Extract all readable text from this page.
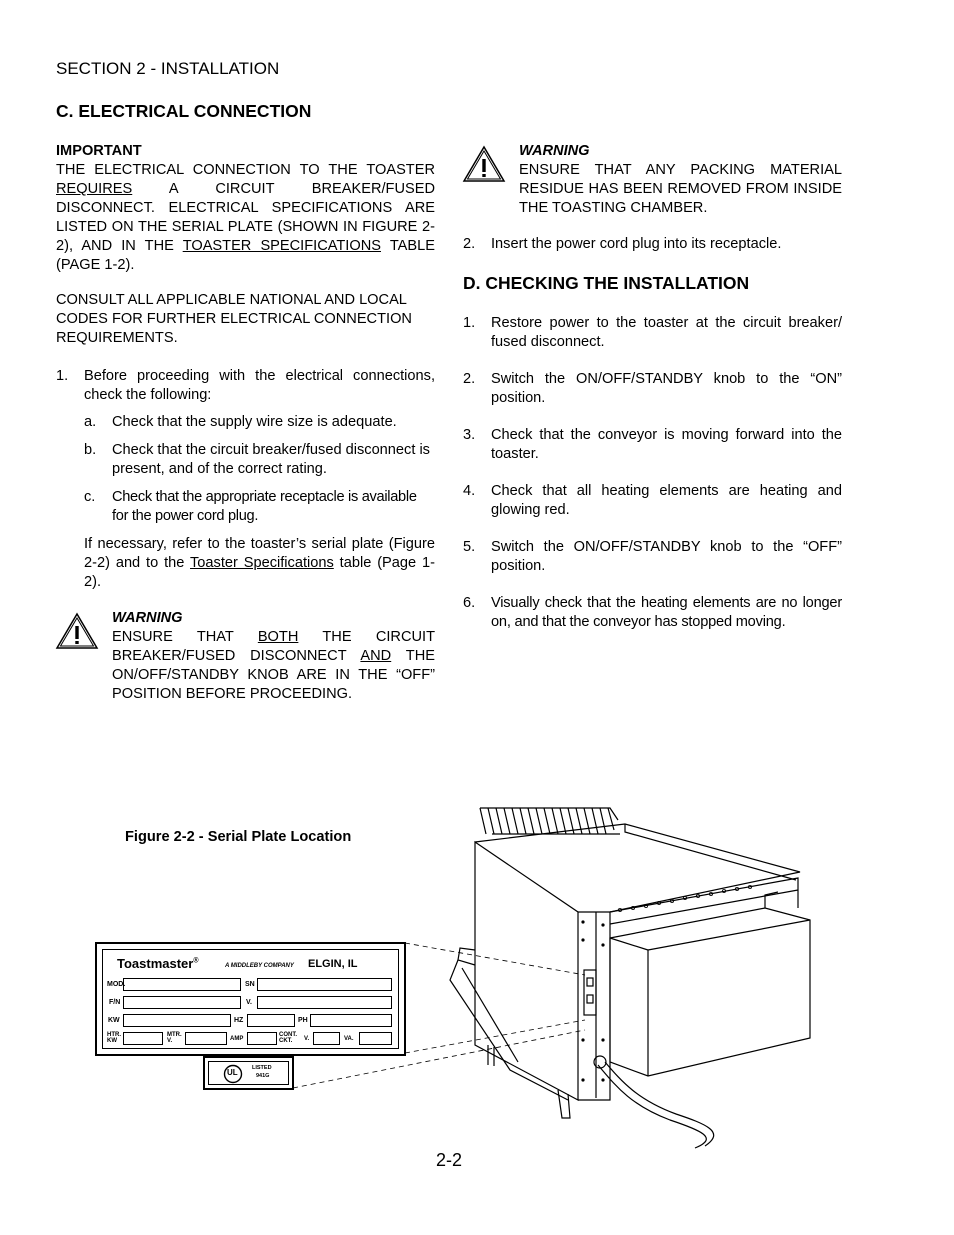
SECTION 2 - INSTALLATION
C. ELECTRICAL CONNECTION
IMPORTANT
THE ELECTRICAL CONNECTION TO THE TOASTER REQUIRES A CIRCUIT BREAKER/FUSED DISCONNECT. ELECTRICAL SPECIFICATIONS ARE LISTED ON THE SERIAL PLATE (SHOWN IN FIGURE 2-2), AND IN THE TOASTER SPECIFICATIONS TABLE (PAGE 1-2).
CONSULT ALL APPLICABLE NATIONAL AND LOCAL CODES FOR FURTHER ELECTRICAL CONNECTION REQUIREMENTS.
1. Before proceeding with the electrical connections, check the following:
a. Check that the supply wire size is adequate.
b. Check that the circuit breaker/fused disconnect is present, and of the correct rating.
c. Check that the appropriate receptacle is available for the power cord plug.
If necessary, refer to the toaster’s serial plate (Figure 2-2) and to the Toaster Specifications table (Page 1-2).
WARNING
ENSURE THAT BOTH THE CIRCUIT BREAKER/FUSED DISCONNECT AND THE ON/OFF/STANDBY KNOB ARE IN THE “OFF” POSITION BEFORE PROCEEDING.
WARNING
ENSURE THAT ANY PACKING MATERIAL RESIDUE HAS BEEN REMOVED FROM INSIDE THE TOASTING CHAMBER.
2. Insert the power cord plug into its receptacle.
D. CHECKING THE INSTALLATION
1. Restore power to the toaster at the circuit breaker/ fused disconnect.
2. Switch the ON/OFF/STANDBY knob to the “ON” position.
3. Check that the conveyor is moving forward into the toaster.
4. Check that all heating elements are heating and glowing red.
5. Switch the ON/OFF/STANDBY knob to the “OFF” position.
6. Visually check that the heating elements are no longer on, and that the conveyor has stopped moving.
Figure 2-2 - Serial Plate Location
Toastmaster®
A MIDDLEBY COMPANY ELGIN, IL
MOD.	SN
F/N	V.
KW	HZ	PH
HTR. KW
MTR. V.	AMP
CONT. CKT.	V.	VA.
UL	LISTED
941G
2-2
